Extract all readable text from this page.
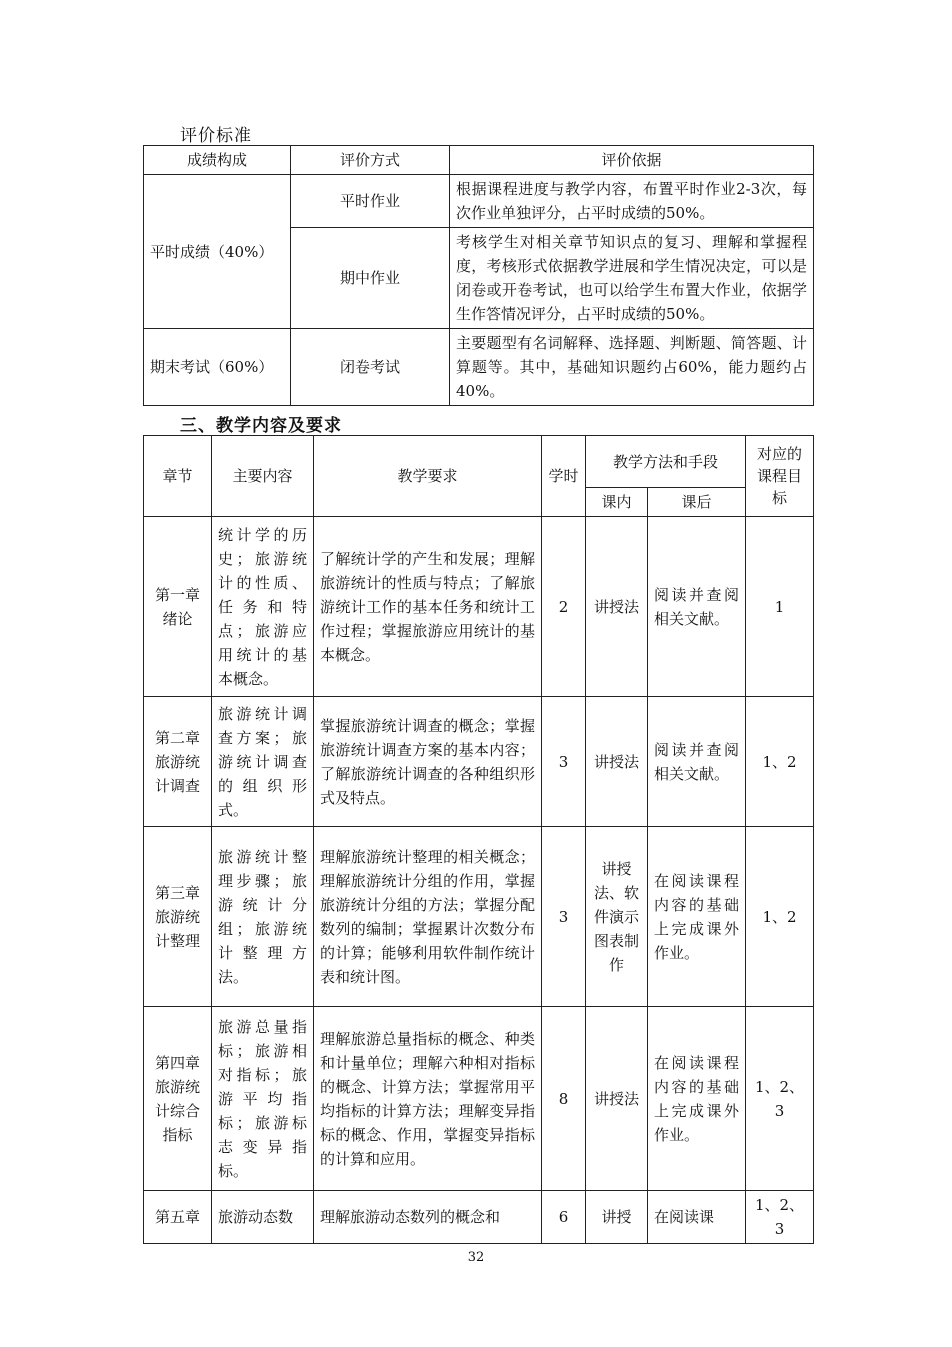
评价标准
成绩构成	评价方式	评价依据
平时成绩（40%）	平时作业	根据课程进度与教学内容，布置平时作业2-3次，每次作业单独评分，占平时成绩的50%。
	期中作业	考核学生对相关章节知识点的复习、理解和掌握程度，考核形式依据教学进展和学生情况决定，可以是闭卷或开卷考试，也可以给学生布置大作业，依据学生作答情况评分，占平时成绩的50%。
期末考试（60%）	闭卷考试	主要题型有名词解释、选择题、判断题、简答题、计算题等。其中，基础知识题约占60%，能力题约占40%。
三、教学内容及要求
章节	主要内容	教学要求	学时	教学方法和手段		对应的课程目标
				课内	课后	
第一章绪论	统计学的历史；旅游统计的性质、任务和特点；旅游应用统计的基本概念。	了解统计学的产生和发展；理解旅游统计的性质与特点；了解旅游统计工作的基本任务和统计工作过程；掌握旅游应用统计的基本概念。	2	讲授法	阅读并查阅相关文献。	1
第二章旅游统计调查	旅游统计调查方案；旅游统计调查的组织形式。	掌握旅游统计调查的概念；掌握旅游统计调查方案的基本内容；了解旅游统计调查的各种组织形式及特点。	3	讲授法	阅读并查阅相关文献。	1、2
第三章旅游统计整理	旅游统计整理步骤；旅游统计分组；旅游统计整理方法。	理解旅游统计整理的相关概念；理解旅游统计分组的作用，掌握旅游统计分组的方法；掌握分配数列的编制；掌握累计次数分布的计算；能够利用软件制作统计表和统计图。	3	讲授法、软件演示图表制作	在阅读课程内容的基础上完成课外作业。	1、2
第四章旅游统计综合指标	旅游总量指标；旅游相对指标；旅游平均指标；旅游标志变异指标。	理解旅游总量指标的概念、种类和计量单位；理解六种相对指标的概念、计算方法；掌握常用平均指标的计算方法；理解变异指标的概念、作用，掌握变异指标的计算和应用。	8	讲授法	在阅读课程内容的基础上完成课外作业。	1、2、3
第五章	旅游动态数	理解旅游动态数列的概念和	6	讲授	在阅读课	1、2、3
32
